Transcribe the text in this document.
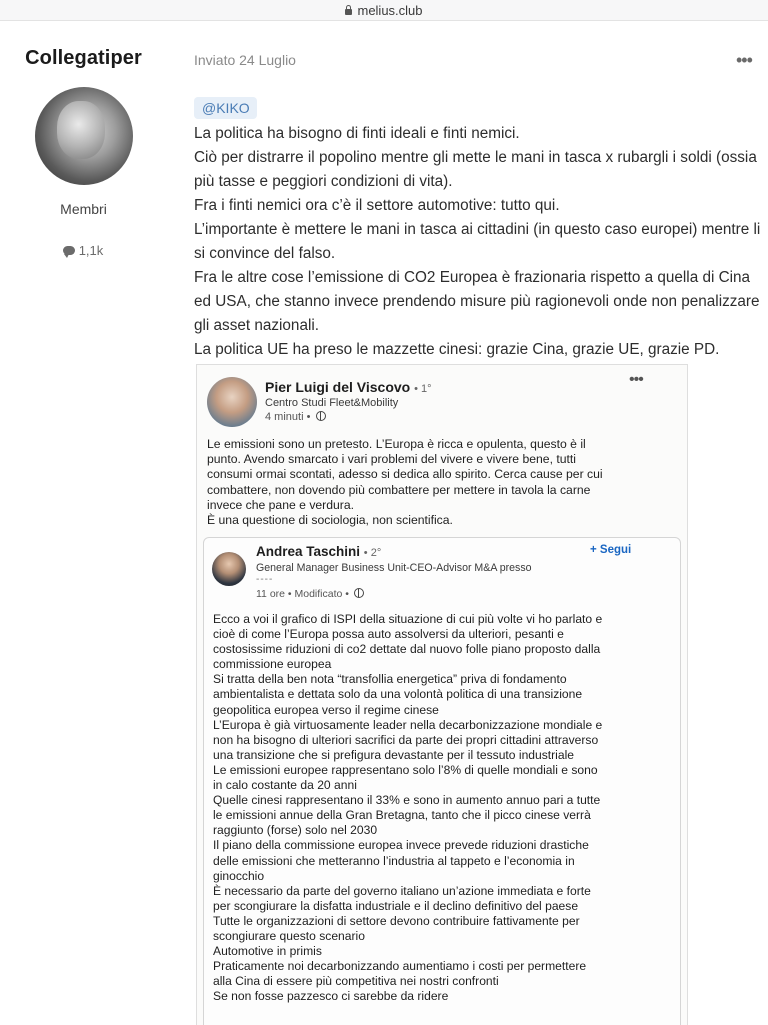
melius.club
Collegatiper
Membri
1,1k
Inviato 24 Luglio	•••
@KIKO

La politica ha bisogno di finti ideali e finti nemici.

Ciò per distrarre il popolino mentre gli mette le mani in tasca x rubargli i soldi (ossia più tasse e peggiori condizioni di vita).

Fra i finti nemici ora c’è il settore automotive: tutto qui.

L’importante è mettere le mani in tasca ai cittadini (in questo caso europei) mentre li si convince del falso.

Fra le altre cose l’emissione di CO2 Europea è frazionaria rispetto a quella di Cina ed USA, che stanno invece prendendo misure più ragionevoli onde non penalizzare gli asset nazionali.

La politica UE ha preso le mazzette cinesi: grazie Cina, grazie UE, grazie PD.

Pier Luigi del Viscovo • 1°
Centro Studi Fleet&Mobility
4 minuti •
•••

Le emissioni sono un pretesto. L’Europa è ricca e opulenta, questo è il

punto. Avendo smarcato i vari problemi del vivere e vivere bene, tutti

consumi ormai scontati, adesso si dedica allo spirito. Cerca cause per cui

combattere, non dovendo più combattere per mettere in tavola la carne

invece che pane e verdura.

È una questione di sociologia, non scientifica.

Andrea Taschini • 2°	+ Segui
General Manager Business Unit-CEO-Advisor M&A presso
----
11 ore • Modificato •

Ecco a voi il grafico di ISPI della situazione di cui più volte vi ho parlato e

cioè di come l’Europa possa auto assolversi da ulteriori, pesanti e

costosissime riduzioni di co2 dettate dal nuovo folle piano proposto dalla

commissione europea

Si tratta della ben nota “transfollia energetica” priva di fondamento

ambientalista e dettata solo da una volontà politica di una transizione

geopolitica europea verso il regime cinese

L’Europa è già virtuosamente leader nella decarbonizzazione mondiale e

non ha bisogno di ulteriori sacrifici da parte dei propri cittadini attraverso

una transizione che si prefigura devastante per il tessuto industriale

Le emissioni europee rappresentano solo l’8% di quelle mondiali e sono

in calo costante da 20 anni

Quelle cinesi rappresentano il 33% e sono in aumento annuo pari a tutte

le emissioni annue della Gran Bretagna, tanto che il picco cinese verrà

raggiunto (forse) solo nel 2030

Il piano della commissione europea invece prevede riduzioni drastiche

delle emissioni che metteranno l’industria al tappeto e l’economia in

ginocchio

È necessario da parte del governo italiano un’azione immediata e forte

per scongiurare la disfatta industriale e il declino definitivo del paese

Tutte le organizzazioni di settore devono contribuire fattivamente per

scongiurare questo scenario

Automotive in primis

Praticamente noi decarbonizzando aumentiamo i costi per permettere

alla Cina di essere più competitiva nei nostri confronti

Se non fosse pazzesco ci sarebbe da ridere
